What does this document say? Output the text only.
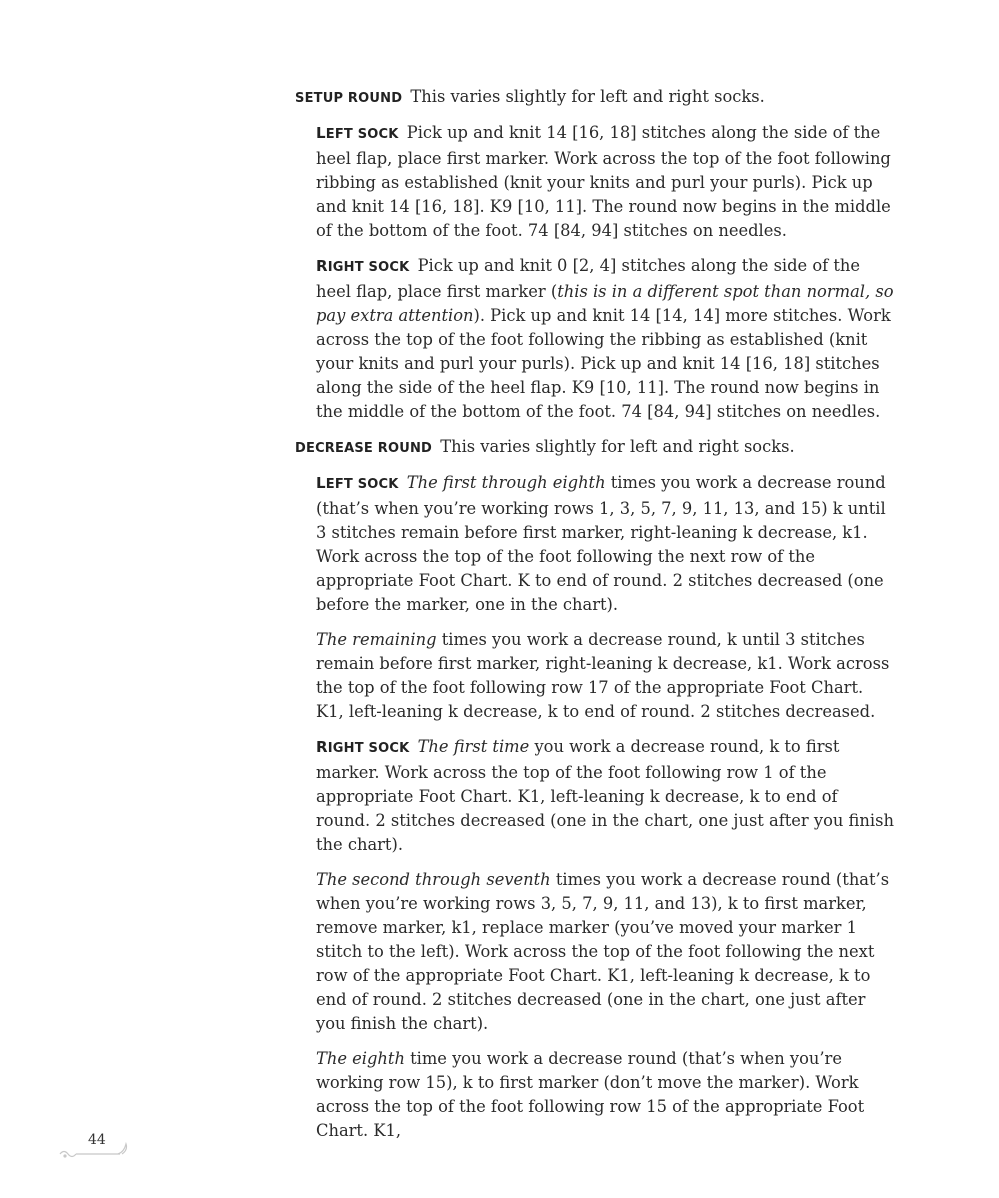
SETUP ROUND This varies slightly for left and right socks.

LEFT SOCK Pick up and knit 14 [16, 18] stitches along the side of the heel flap, place first marker. Work across the top of the foot following ribbing as established (knit your knits and purl your purls). Pick up and knit 14 [16, 18]. K9 [10, 11]. The round now begins in the middle of the bottom of the foot. 74 [84, 94] stitches on needles.

RIGHT SOCK Pick up and knit 0 [2, 4] stitches along the side of the heel flap, place first marker (this is in a different spot than normal, so pay extra attention). Pick up and knit 14 [14, 14] more stitches. Work across the top of the foot following the ribbing as established (knit your knits and purl your purls). Pick up and knit 14 [16, 18] stitches along the side of the heel flap. K9 [10, 11]. The round now begins in the middle of the bottom of the foot. 74 [84, 94] stitches on needles.

DECREASE ROUND This varies slightly for left and right socks.

LEFT SOCK The first through eighth times you work a decrease round (that’s when you’re working rows 1, 3, 5, 7, 9, 11, 13, and 15) k until 3 stitches remain before first marker, right-leaning k decrease, k1. Work across the top of the foot following the next row of the appropriate Foot Chart. K to end of round. 2 stitches decreased (one before the marker, one in the chart).

The remaining times you work a decrease round, k until 3 stitches remain before first marker, right-leaning k decrease, k1. Work across the top of the foot following row 17 of the appropriate Foot Chart. K1, left-leaning k decrease, k to end of round. 2 stitches decreased.

RIGHT SOCK The first time you work a decrease round, k to first marker. Work across the top of the foot following row 1 of the appropriate Foot Chart. K1, left-leaning k decrease, k to end of round. 2 stitches decreased (one in the chart, one just after you finish the chart).

The second through seventh times you work a decrease round (that’s when you’re working rows 3, 5, 7, 9, 11, and 13), k to first marker, remove marker, k1, replace marker (you’ve moved your marker 1 stitch to the left). Work across the top of the foot following the next row of the appropriate Foot Chart. K1, left-leaning k decrease, k to end of round. 2 stitches decreased (one in the chart, one just after you finish the chart).

The eighth time you work a decrease round (that’s when you’re working row 15), k to first marker (don’t move the marker). Work across the top of the foot following row 15 of the appropriate Foot Chart. K1,

44
